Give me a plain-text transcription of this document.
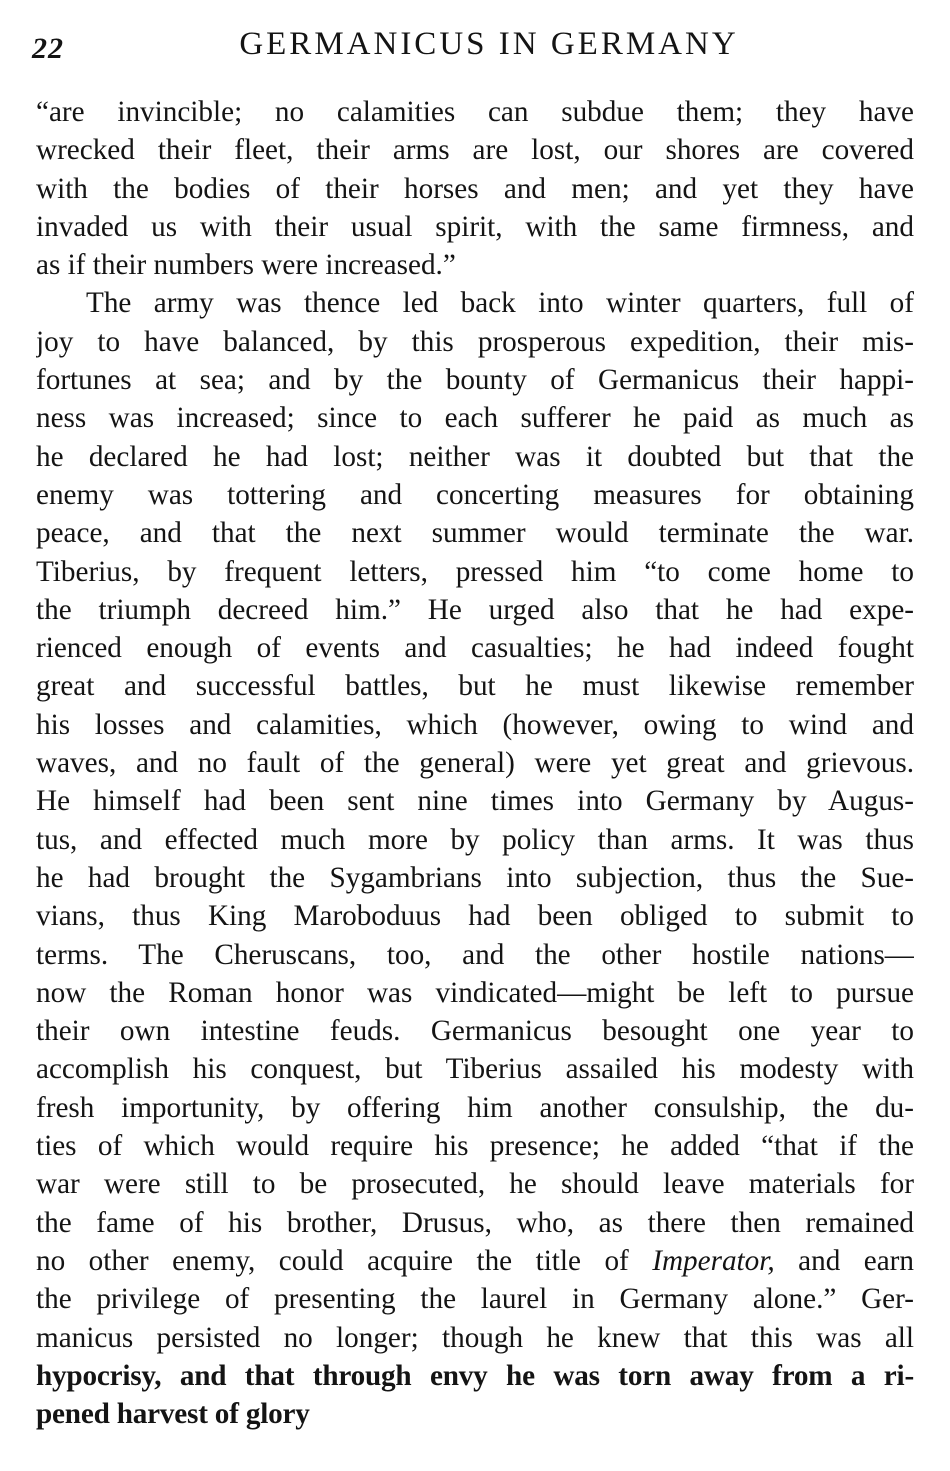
22	GERMANICUS IN GERMANY
“are invincible; no calamities can subdue them; they have
wrecked their fleet, their arms are lost, our shores are covered
with the bodies of their horses and men; and yet they have
invaded us with their usual spirit, with the same firmness, and
as if their numbers were increased.”
The army was thence led back into winter quarters, full of
joy to have balanced, by this prosperous expedition, their mis-
fortunes at sea; and by the bounty of Germanicus their happi-
ness was increased; since to each sufferer he paid as much as
he declared he had lost; neither was it doubted but that the
enemy was tottering and concerting measures for obtaining
peace, and that the next summer would terminate the war.
Tiberius, by frequent letters, pressed him “to come home to
the triumph decreed him.” He urged also that he had expe-
rienced enough of events and casualties; he had indeed fought
great and successful battles, but he must likewise remember
his losses and calamities, which (however, owing to wind and
waves, and no fault of the general) were yet great and grievous.
He himself had been sent nine times into Germany by Augus-
tus, and effected much more by policy than arms. It was thus
he had brought the Sygambrians into subjection, thus the Sue-
vians, thus King Maroboduus had been obliged to submit to
terms. The Cheruscans, too, and the other hostile nations—
now the Roman honor was vindicated—might be left to pursue
their own intestine feuds. Germanicus besought one year to
accomplish his conquest, but Tiberius assailed his modesty with
fresh importunity, by offering him another consulship, the du-
ties of which would require his presence; he added “that if the
war were still to be prosecuted, he should leave materials for
the fame of his brother, Drusus, who, as there then remained
no other enemy, could acquire the title of Imperator, and earn
the privilege of presenting the laurel in Germany alone.” Ger-
manicus persisted no longer; though he knew that this was all
hypocrisy, and that through envy he was torn away from a ri-
pened harvest of glory
